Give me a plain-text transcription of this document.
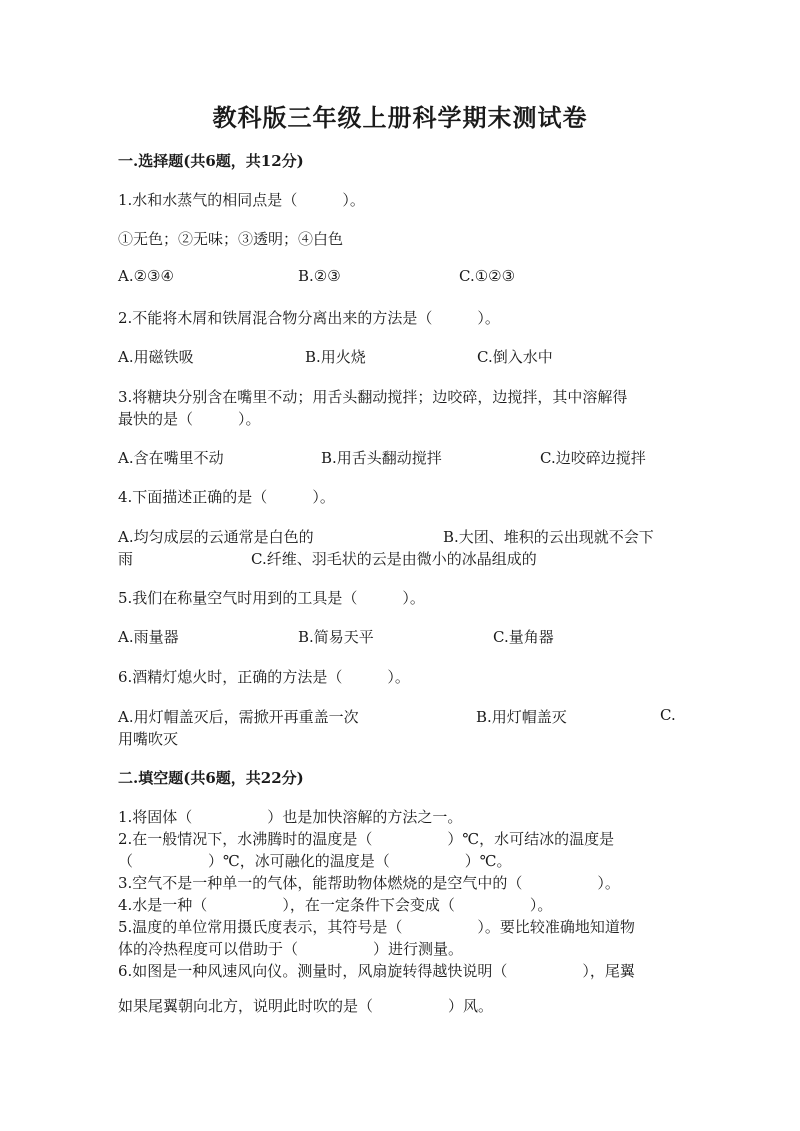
教科版三年级上册科学期末测试卷
一.选择题(共6题，共12分)
1.水和水蒸气的相同点是（　　　）。
①无色；②无味；③透明；④白色
A.②③④	B.②③	C.①②③
2.不能将木屑和铁屑混合物分离出来的方法是（　　　）。
A.用磁铁吸	B.用火烧	C.倒入水中
3.将糖块分别含在嘴里不动；用舌头翻动搅拌；边咬碎，边搅拌，其中溶解得
最快的是（　　　）。
A.含在嘴里不动	B.用舌头翻动搅拌	C.边咬碎边搅拌
4.下面描述正确的是（　　　）。
A.均匀成层的云通常是白色的	B.大团、堆积的云出现就不会下
雨	C.纤维、羽毛状的云是由微小的冰晶组成的
5.我们在称量空气时用到的工具是（　　　）。
A.雨量器	B.简易天平	C.量角器
6.酒精灯熄火时，正确的方法是（　　　）。
A.用灯帽盖灭后，需掀开再重盖一次	B.用灯帽盖灭	C.
用嘴吹灭
二.填空题(共6题，共22分)
1.将固体（　　　　　）也是加快溶解的方法之一。
2.在一般情况下，水沸腾时的温度是（　　　　　）℃，水可结冰的温度是
（　　　　　）℃，冰可融化的温度是（　　　　　）℃。
3.空气不是一种单一的气体，能帮助物体燃烧的是空气中的（　　　　　）。
4.水是一种（　　　　　），在一定条件下会变成（　　　　　）。
5.温度的单位常用摄氏度表示，其符号是（　　　　　）。要比较准确地知道物
体的冷热程度可以借助于（　　　　　）进行测量。
6.如图是一种风速风向仪。测量时，风扇旋转得越快说明（　　　　　），尾翼
如果尾翼朝向北方，说明此时吹的是（　　　　　）风。
